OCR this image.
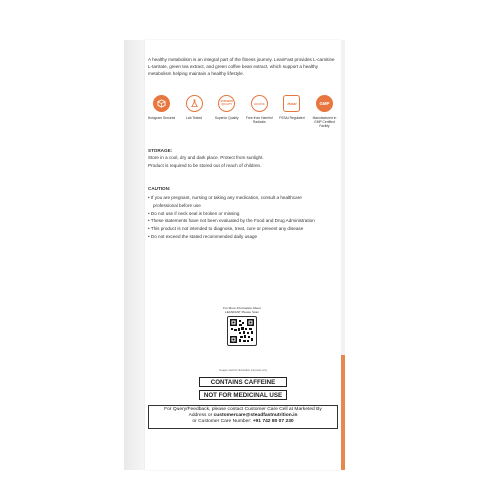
A healthy metabolism is an integral part of the fitness journey. LeanFast provides L-carnitine L-tartrate, green tea extract, and green coffee bean extract, which support a healthy metabolism helping maintain a healthy lifestyle.
Hologram Secured	Lab Tested
SUPERIOR
QUALITY
Superior Quality
AO·R.S
Free from Harmful Radicals
fssai
FSSAI Regulated
GMP
Manufactured in GMP Certified Facility
STORAGE:
Store in a cool, dry and dark place. Protect from sunlight.
Product is required to be stored out of reach of children.
CAUTION:
• If you are pregnant, nursing or taking any medication, consult a healthcare
professional before use
• Do not use if neck seal is broken or missing
• These statements have not been evaluated by the Food and Drug Administration
• This product is not intended to diagnose, treat, cure or prevent any disease
• Do not exceed the stated recommended daily usage
For More Information About LEANFAST Please Scan
Images used for illustration purposes only
CONTAINS CAFFEINE
NOT FOR MEDICINAL USE
For Query/Feedback, please contact Customer Care Cell at Marketed By
Address or customercare@steadfastnutrition.in
or Customer Care Number: +91 742 80 07 230
